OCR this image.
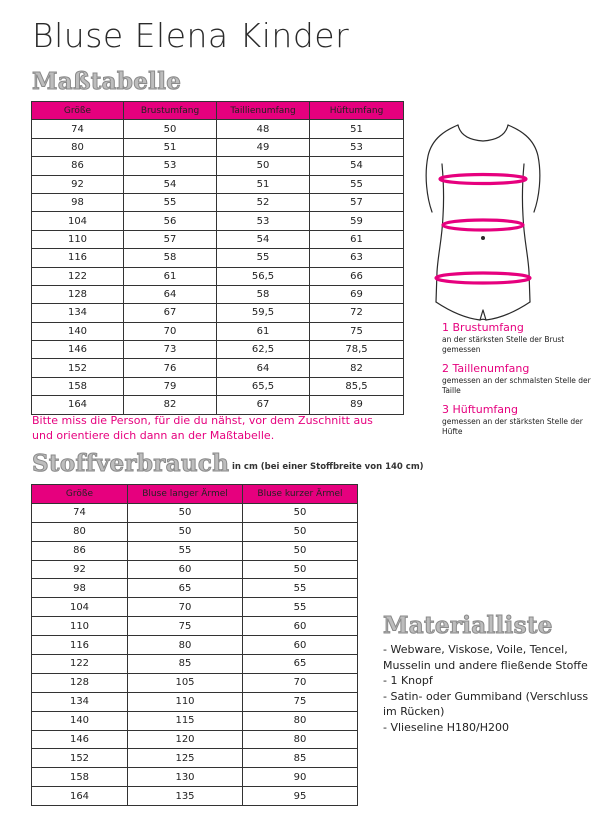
Bluse Elena Kinder
Maßtabelle
Größe	Brustumfang	Taillienumfang	Hüftumfang
74	50	48	51
80	51	49	53
86	53	50	54
92	54	51	55
98	55	52	57
104	56	53	59
110	57	54	61
116	58	55	63
122	61	56,5	66
128	64	58	69
134	67	59,5	72
140	70	61	75
146	73	62,5	78,5
152	76	64	82
158	79	65,5	85,5
164	82	67	89

Bitte miss die Person, für die du nähst, vor dem Zuschnitt aus und orientiere dich dann an der Maßtabelle.

1 Brustumfang

an der stärksten Stelle der Brust gemessen

2 Taillenumfang

gemessen an der schmalsten Stelle der Taille

3 Hüftumfang

gemessen an der stärksten Stelle der Hüfte

Stoffverbrauch in cm (bei einer Stoffbreite von 140 cm)
Größe	Bluse langer Ärmel	Bluse kurzer Ärmel
74	50	50
80	50	50
86	55	50
92	60	50
98	65	55
104	70	55
110	75	60
116	80	60
122	85	65
128	105	70
134	110	75
140	115	80
146	120	80
152	125	85
158	130	90
164	135	95
Materialliste
- Webware, Viskose, Voile, Tencel, Musselin und andere fließende Stoffe
- 1 Knopf
- Satin- oder Gummiband (Verschluss im Rücken)
- Vlieseline H180/H200
